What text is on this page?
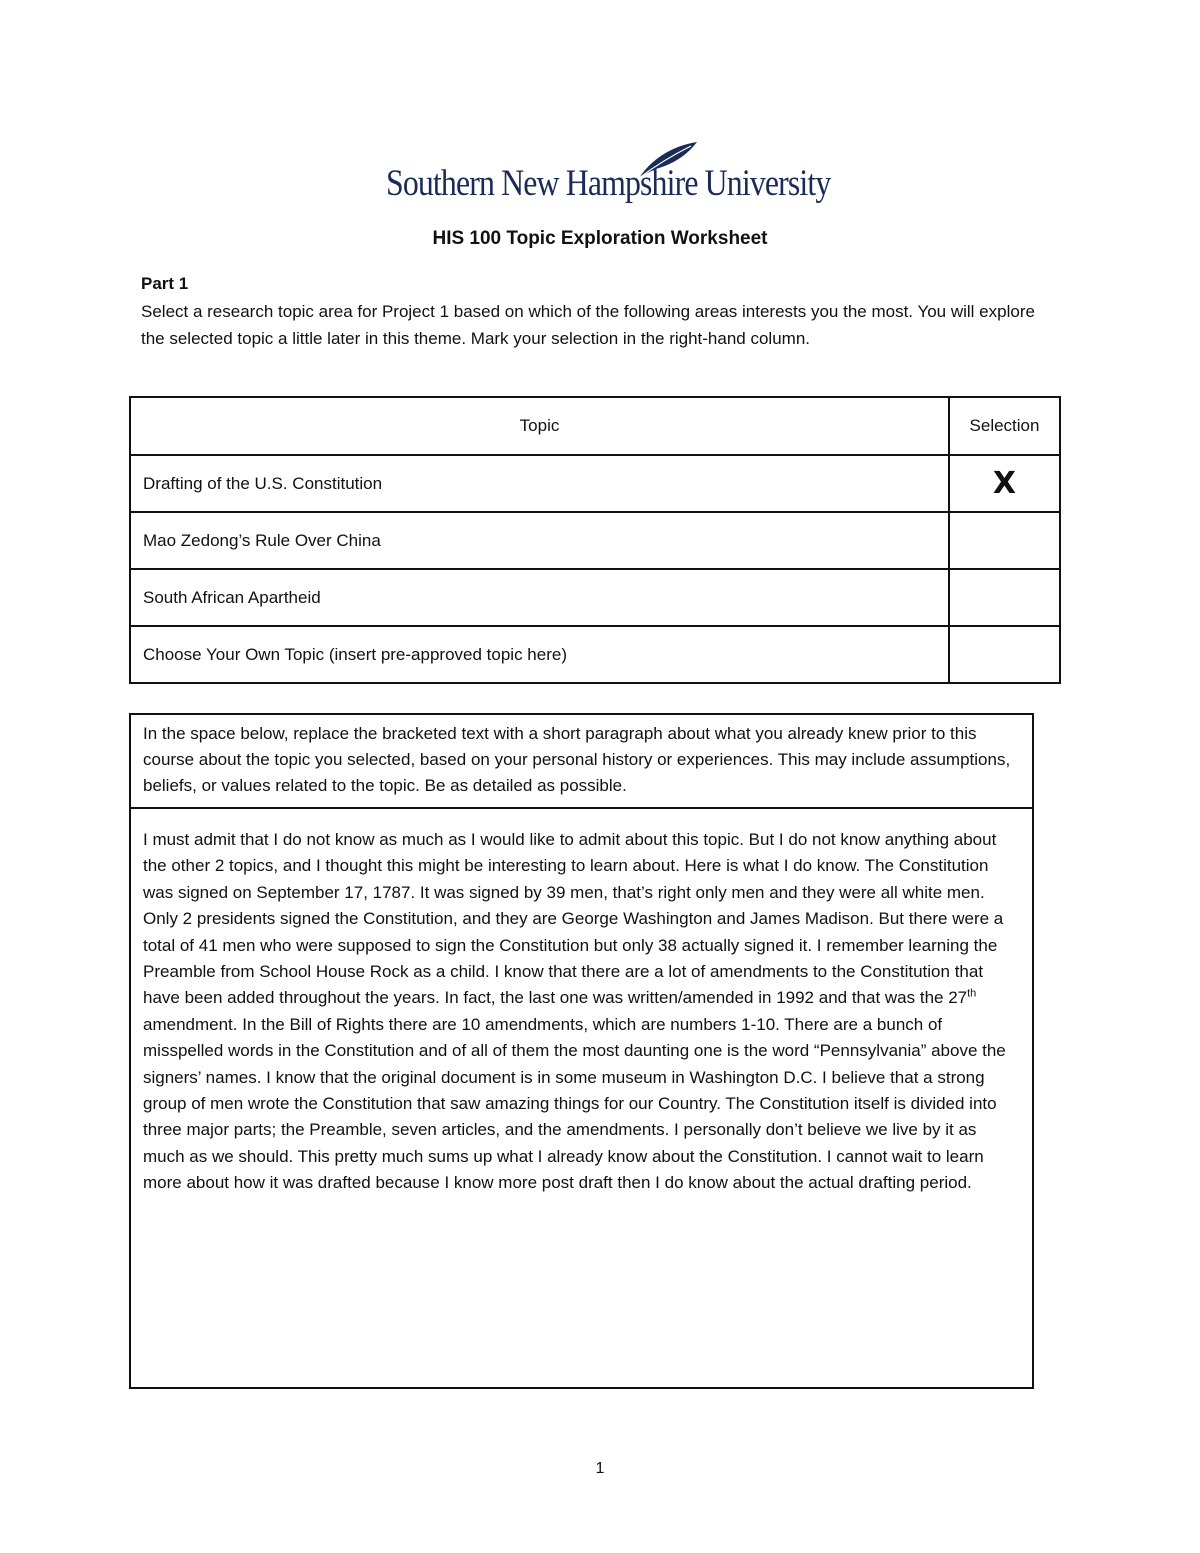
Southern New Hampshire University
HIS 100 Topic Exploration Worksheet
Part 1
Select a research topic area for Project 1 based on which of the following areas interests you the most. You will explore the selected topic a little later in this theme. Mark your selection in the right-hand column.
Topic	Selection
Drafting of the U.S. Constitution	X
Mao Zedong’s Rule Over China	
South African Apartheid	
Choose Your Own Topic (insert pre-approved topic here)	
In the space below, replace the bracketed text with a short paragraph about what you already knew prior to this course about the topic you selected, based on your personal history or experiences. This may include assumptions, beliefs, or values related to the topic. Be as detailed as possible.
I must admit that I do not know as much as I would like to admit about this topic. But I do not know anything about the other 2 topics, and I thought this might be interesting to learn about. Here is what I do know. The Constitution was signed on September 17, 1787. It was signed by 39 men, that’s right only men and they were all white men. Only 2 presidents signed the Constitution, and they are George Washington and James Madison. But there were a total of 41 men who were supposed to sign the Constitution but only 38 actually signed it. I remember learning the Preamble from School House Rock as a child. I know that there are a lot of amendments to the Constitution that have been added throughout the years. In fact, the last one was written/amended in 1992 and that was the 27th amendment. In the Bill of Rights there are 10 amendments, which are numbers 1-10. There are a bunch of misspelled words in the Constitution and of all of them the most daunting one is the word “Pennsylvania” above the signers’ names. I know that the original document is in some museum in Washington D.C. I believe that a strong group of men wrote the Constitution that saw amazing things for our Country. The Constitution itself is divided into three major parts; the Preamble, seven articles, and the amendments. I personally don’t believe we live by it as much as we should. This pretty much sums up what I already know about the Constitution. I cannot wait to learn more about how it was drafted because I know more post draft then I do know about the actual drafting period.
1
